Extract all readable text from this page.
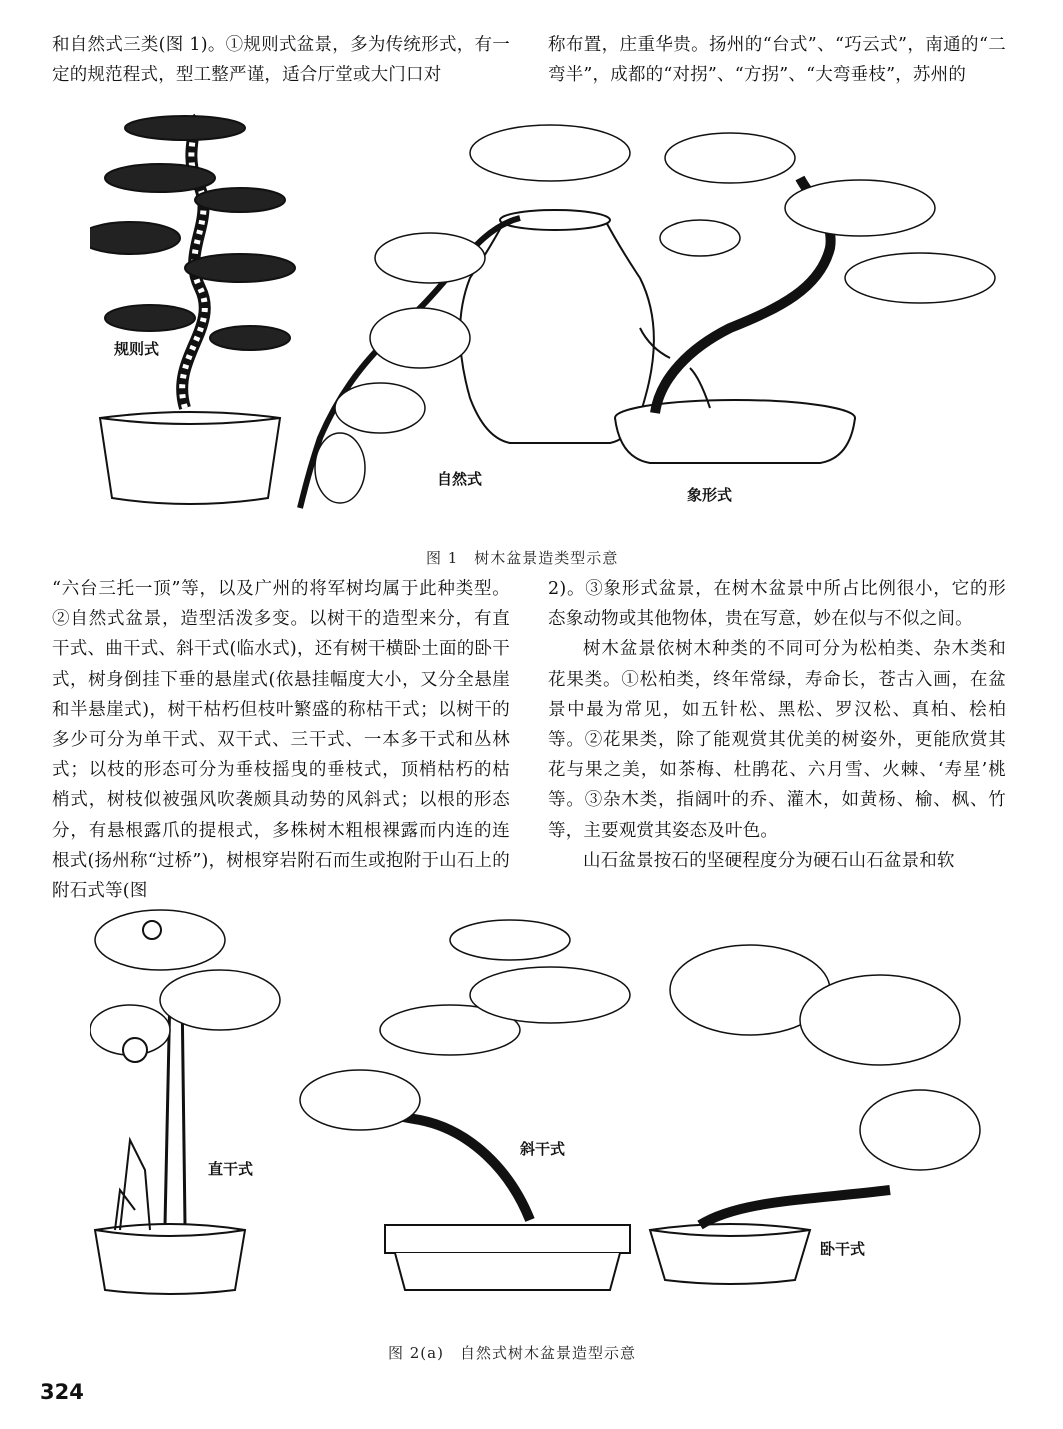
和自然式三类(图 1)。①规则式盆景，多为传统形式，有一定的规范程式，型工整严谨，适合厅堂或大门口对

称布置，庄重华贵。扬州的“台式”、“巧云式”，南通的“二弯半”，成都的“对拐”、“方拐”、“大弯垂枝”，苏州的

规则式
自然式
象形式
图 1　树木盆景造类型示意

“六台三托一顶”等，以及广州的将军树均属于此种类型。②自然式盆景，造型活泼多变。以树干的造型来分，有直干式、曲干式、斜干式(临水式)，还有树干横卧土面的卧干式，树身倒挂下垂的悬崖式(依悬挂幅度大小，又分全悬崖和半悬崖式)，树干枯朽但枝叶繁盛的称枯干式；以树干的多少可分为单干式、双干式、三干式、一本多干式和丛林式；以枝的形态可分为垂枝摇曳的垂枝式，顶梢枯朽的枯梢式，树枝似被强风吹袭颇具动势的风斜式；以根的形态分，有悬根露爪的提根式，多株树木粗根裸露而内连的连根式(扬州称“过桥”)，树根穿岩附石而生或抱附于山石上的附石式等(图

2)。③象形式盆景，在树木盆景中所占比例很小，它的形态象动物或其他物体，贵在写意，妙在似与不似之间。

树木盆景依树木种类的不同可分为松柏类、杂木类和花果类。①松柏类，终年常绿，寿命长，苍古入画，在盆景中最为常见，如五针松、黑松、罗汉松、真柏、桧柏等。②花果类，除了能观赏其优美的树姿外，更能欣赏其花与果之美，如茶梅、杜鹃花、六月雪、火棘、‘寿星’桃等。③杂木类，指阔叶的乔、灌木，如黄杨、榆、枫、竹等，主要观赏其姿态及叶色。

山石盆景按石的坚硬程度分为硬石山石盆景和软

直干式
斜干式
卧干式
图 2(a)　自然式树木盆景造型示意
324
